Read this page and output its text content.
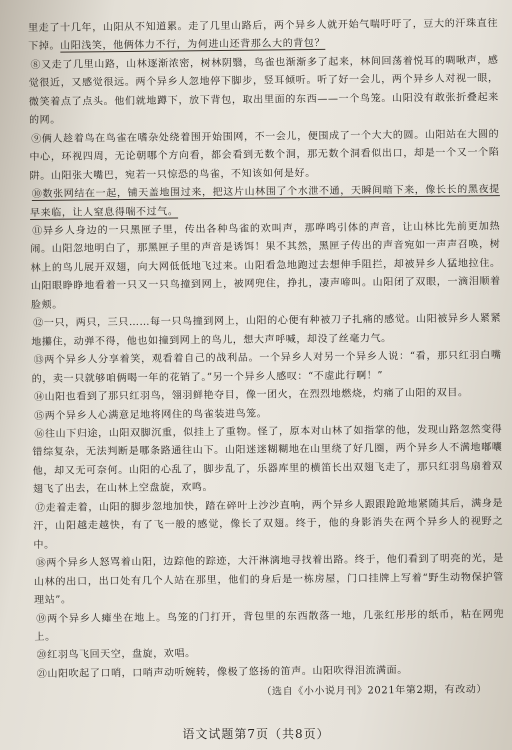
里走了十几年，山阳从不知道累。走了几里山路后，两个异乡人就开始气喘吁吁了，豆大的汗珠直往下掉。山阳浅笑，他俩体力不行，为何进山还背那么大的背包？

⑧又走了几里山路，山林逐渐浓密，树林阴翳，鸟雀也渐渐多了起来，林间回荡着悦耳的啁啾声，感觉很近，又感觉很远。两个异乡人忽地停下脚步，竖耳倾听。听了好一会儿，两个异乡人对视一眼，微笑着点了点头。他们就地蹲下，放下背包，取出里面的东西——一个鸟笼。山阳没有敢张折叠起来的网。

⑨俩人趁着鸟在鸟雀在嗜杂处绕着围开始围网，不一会儿，便围成了一个大大的圆。山阳站在大圆的中心，环视四周，无论朝哪个方向看，都会看到无数个洞，那无数个洞看似出口，却是一个又一个陷阱。山阳张大嘴巴，宛若一只惊恐的鸟雀，不知该如何是好。

⑩数张网结在一起，铺天盖地围过来，把这片山林围了个水泄不通，天瞬间暗下来，像长长的黑夜提早来临，让人窒息得喘不过气。

⑪异乡人身边的一只黑匣子里，传出各种鸟雀的欢叫声，那哗鸣引体的声音，让山林比先前更加热闹。山阳忽地明白了，那黑匣子里的声音是诱饵！果不其然，黑匣子传出的声音宛如一声声召唤，树林上的鸟儿展开双翅，向大网低低地飞过来。山阳看急地跑过去想伸手阻拦，却被异乡人猛地拉住。山阳眼睁睁地看着一只又一只鸟撞到网上，被网兜住，挣扎，凄声啼叫。山阳闭了双眼，一滴泪顺着脸颊。

⑫一只，两只，三只……每一只鸟撞到网上，山阳的心便有种被刀子扎痛的感觉。山阳被异乡人紧紧地攥住，动弹不得，他也如撞到网上的鸟儿，想大声呼喊，却没了丝毫力气。

⑬两个异乡人分享着笑，观看着自己的战利品。一个异乡人对另一个异乡人说：“看，那只红羽白嘴的，卖一只就够咱俩喝一年的花销了。”另一个异乡人感叹：“不虚此行啊！”

⑭山阳也看到了那只红羽鸟，翎羽鲜艳夺目，像一团火，在烈烈地燃烧，灼痛了山阳的双目。

⑮两个异乡人心满意足地将网住的鸟雀装进鸟笼。

⑯往山下归途，山阳双脚沉重，似挂上了重物。怪了，原本对山林了如指掌的他，发现山路忽然变得错综复杂，无法判断是哪条路通往山下。山阳迷迷糊糊地在山里绕了好几圈，两个异乡人不满地嘟囔他，却又无可奈何。山阳的心乱了，脚步乱了，乐器库里的横笛长出双翅飞走了，那只红羽鸟扇着双翅飞了出去，在山林上空盘旋，欢鸣。

⑰走着走着，山阳的脚步忽地加快，踏在碎叶上沙沙直响，两个异乡人跟跟跄跄地紧随其后，满身是汗，山阳越走越快，有了飞一般的感觉，像长了双翅。终于，他的身影消失在两个异乡人的视野之中。

⑱两个异乡人怒骂着山阳，边踪他的踪迹，大汗淋漓地寻找着出路。终于，他们看到了明亮的光，是山林的出口，出口处有几个人站在那里，他们的身后是一栋房屋，门口挂牌上写着“野生动物保护管理站”。

⑲两个异乡人瘫坐在地上。鸟笼的门打开，背包里的东西散落一地，几张红彤彤的纸币，粘在网兜上。

⑳红羽鸟飞回天空，盘旋，欢唱。

㉑山阳吹起了口哨，口哨声动听婉转，像极了悠扬的笛声。山阳吹得泪流满面。

（选自《小小说月刊》2021年第2期，有改动）

语文试题第7页（共8页）
